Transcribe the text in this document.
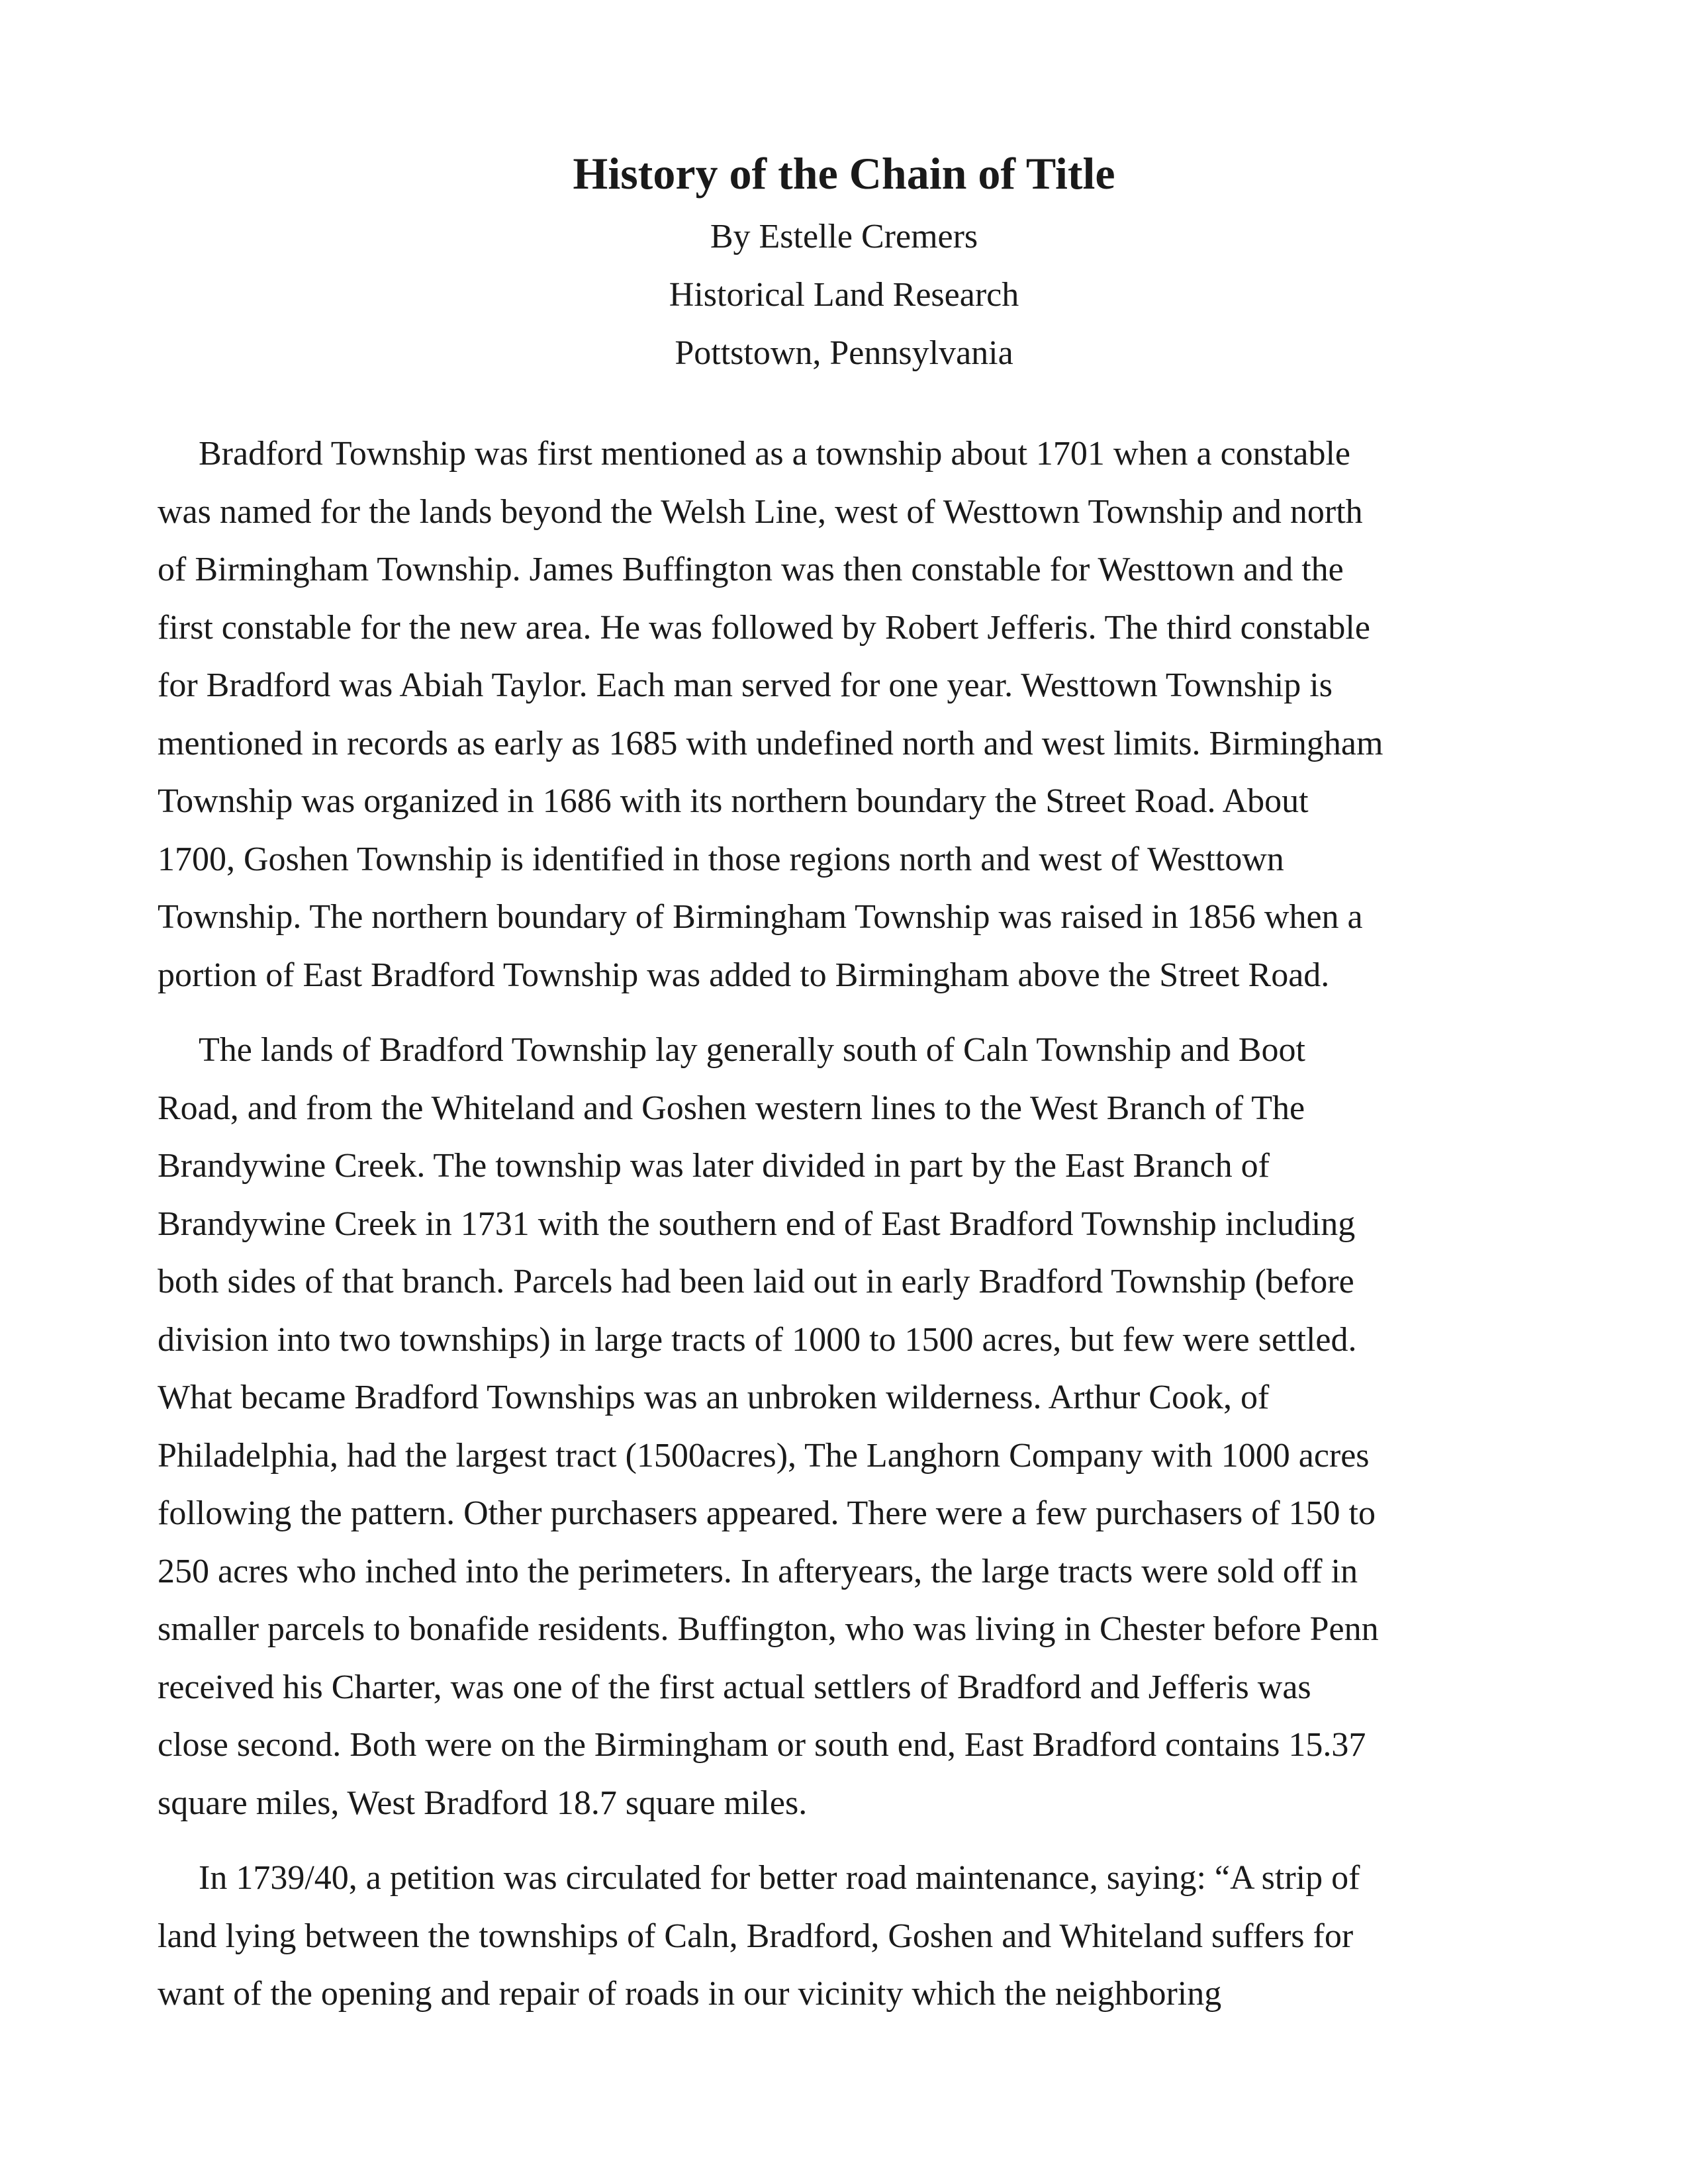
History of the Chain of Title
By Estelle Cremers
Historical Land Research
Pottstown, Pennsylvania
Bradford Township was first mentioned as a township about 1701 when a constable
was named for the lands beyond the Welsh Line, west of Westtown Township and north
of Birmingham Township. James Buffington was then constable for Westtown and the
first constable for the new area. He was followed by Robert Jefferis. The third constable
for Bradford was Abiah Taylor. Each man served for one year. Westtown Township is
mentioned in records as early as 1685 with undefined north and west limits. Birmingham
Township was organized in 1686 with its northern boundary the Street Road. About
1700, Goshen Township is identified in those regions north and west of Westtown
Township. The northern boundary of Birmingham Township was raised in 1856 when a
portion of East Bradford Township was added to Birmingham above the Street Road.
The lands of Bradford Township lay generally south of Caln Township and Boot
Road, and from the Whiteland and Goshen western lines to the West Branch of The
Brandywine Creek. The township was later divided in part by the East Branch of
Brandywine Creek in 1731 with the southern end of East Bradford Township including
both sides of that branch. Parcels had been laid out in early Bradford Township (before
division into two townships) in large tracts of 1000 to 1500 acres, but few were settled.
What became Bradford Townships was an unbroken wilderness. Arthur Cook, of
Philadelphia, had the largest tract (1500acres), The Langhorn Company with 1000 acres
following the pattern. Other purchasers appeared. There were a few purchasers of 150 to
250 acres who inched into the perimeters. In afteryears, the large tracts were sold off in
smaller parcels to bonafide residents. Buffington, who was living in Chester before Penn
received his Charter, was one of the first actual settlers of Bradford and Jefferis was
close second. Both were on the Birmingham or south end, East Bradford contains 15.37
square miles, West Bradford 18.7 square miles.
In 1739/40, a petition was circulated for better road maintenance, saying: “A strip of
land lying between the townships of Caln, Bradford, Goshen and Whiteland suffers for
want of the opening and repair of roads in our vicinity which the neighboring
